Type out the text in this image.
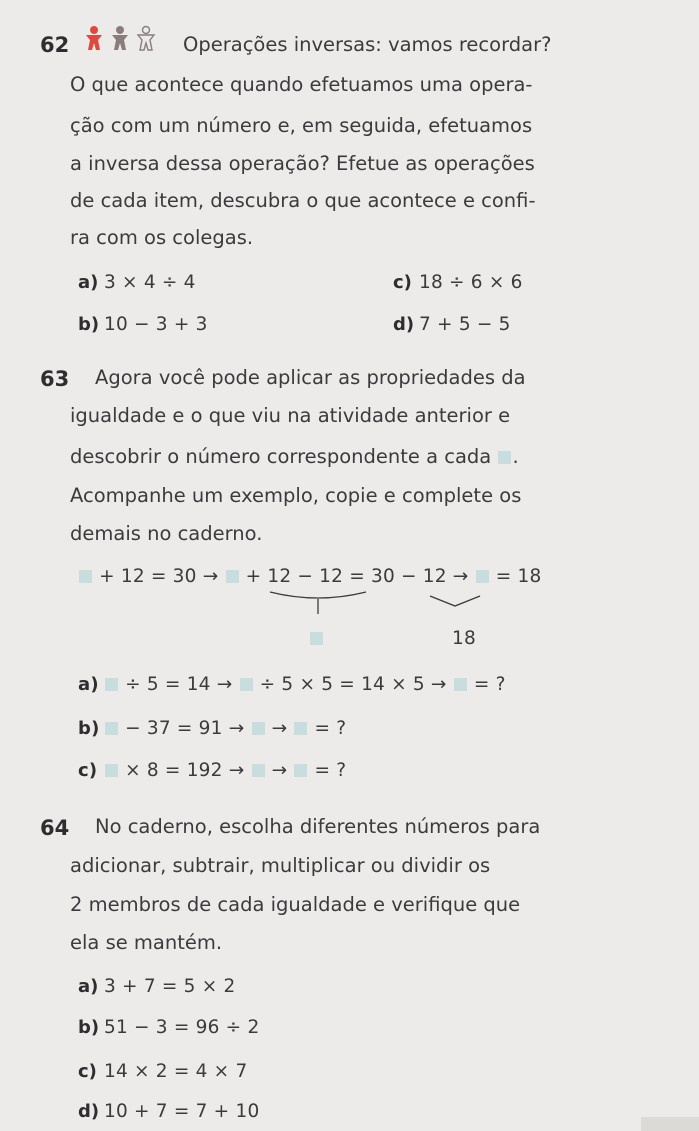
62	Operações inversas: vamos recordar?
O que acontece quando efetuamos uma opera-
ção com um número e, em seguida, efetuamos
a inversa dessa operação? Efetue as operações
de cada item, descubra o que acontece e confi-
ra com os colegas.
a) 3 × 4 ÷ 4	c) 18 ÷ 6 × 6
b) 10 − 3 + 3	d) 7 + 5 − 5
63 Agora você pode aplicar as propriedades da
igualdade e o que viu na atividade anterior e
descobrir o número correspondente a cada .
Acompanhe um exemplo, copie e complete os
demais no caderno.
+ 12 = 30 → + 12 − 12 = 30 − 12 → = 18
18
a) ÷ 5 = 14 → ÷ 5 × 5 = 14 × 5 → = ?
b) − 37 = 91 → → = ?
c) × 8 = 192 → → = ?
64 No caderno, escolha diferentes números para
adicionar, subtrair, multiplicar ou dividir os
2 membros de cada igualdade e verifique que
ela se mantém.
a) 3 + 7 = 5 × 2
b) 51 − 3 = 96 ÷ 2
c) 14 × 2 = 4 × 7
d) 10 + 7 = 7 + 10
